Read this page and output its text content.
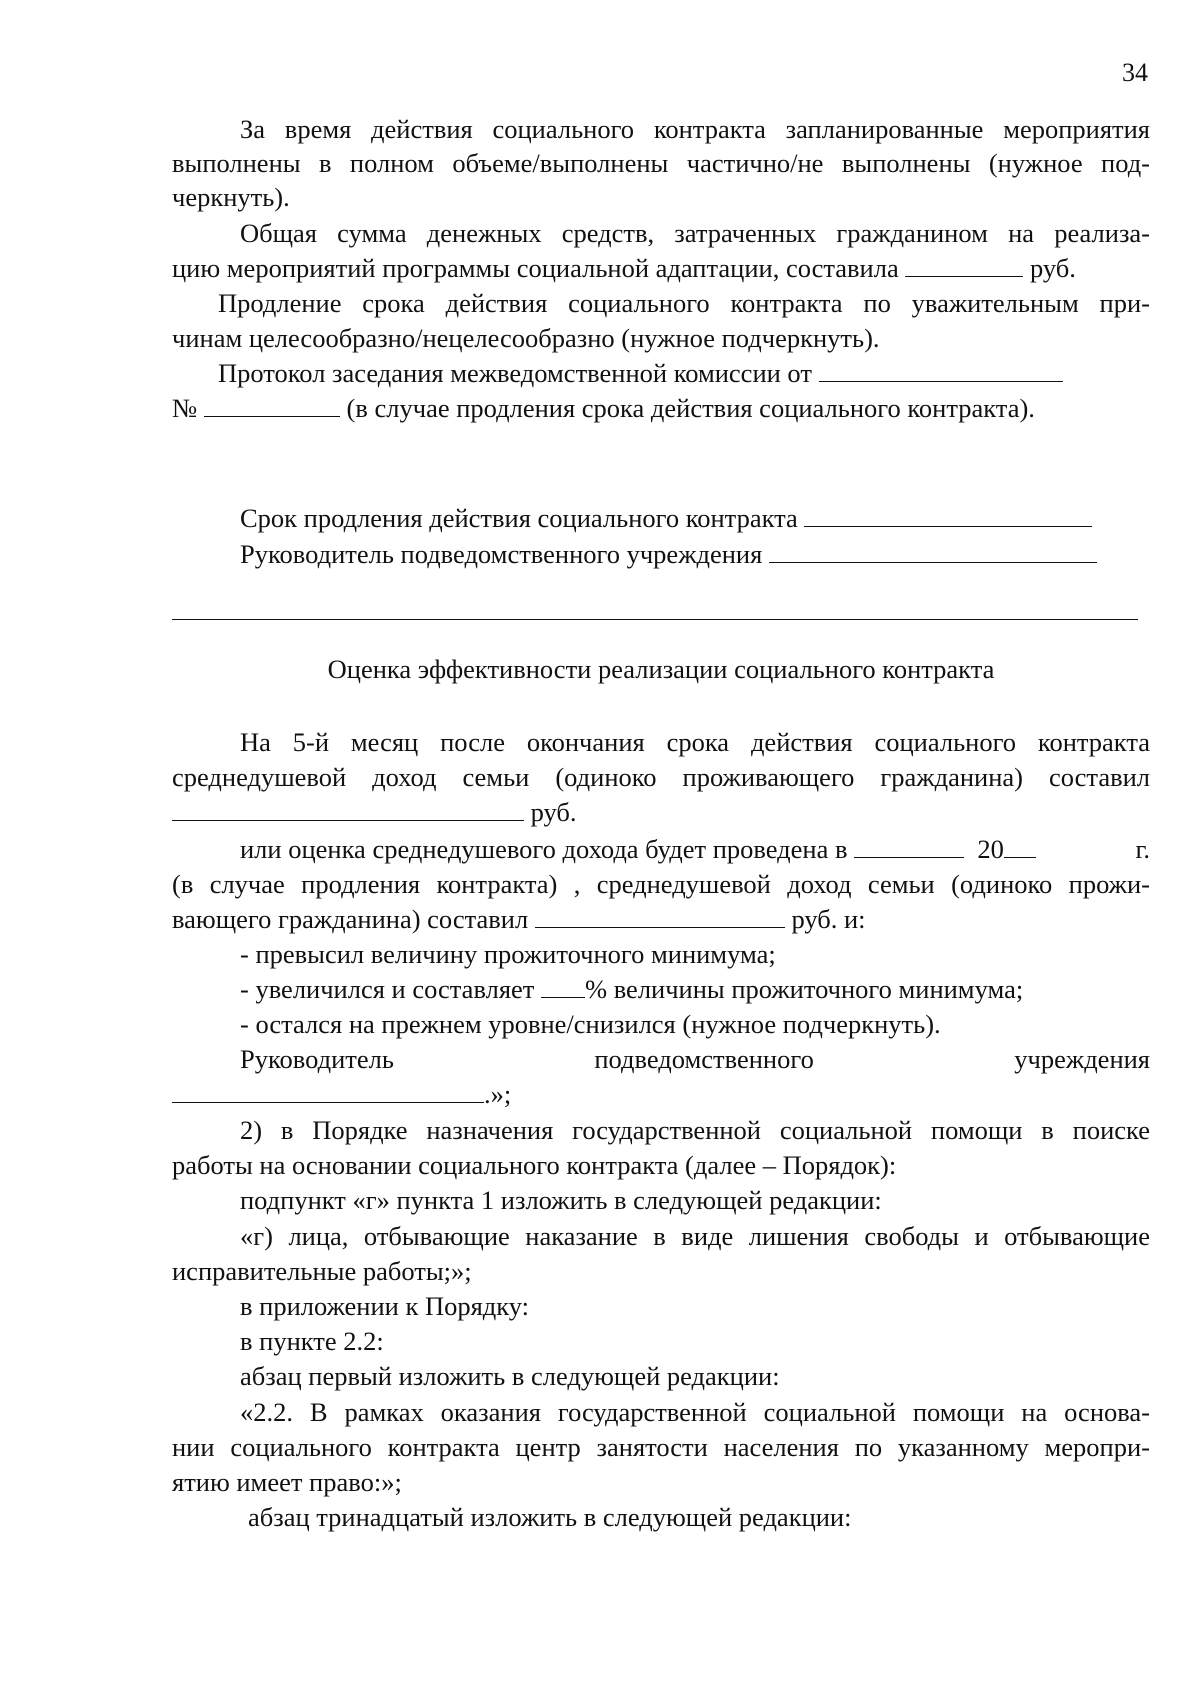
34
За время действия социального контракта запланированные мероприятия
выполнены в полном объеме/выполнены частично/не выполнены (нужное под-
черкнуть).
Общая сумма денежных средств, затраченных гражданином на реализа-
цию мероприятий программы социальной адаптации, составила	руб.
Продление срока действия социального контракта по уважительным при-
чинам целесообразно/нецелесообразно (нужное подчеркнуть).
Протокол заседания межведомственной комиссии от
№	(в случае продления срока действия социального контракта).
Срок продления действия социального контракта
Руководитель подведомственного учреждения
Оценка эффективности реализации социального контракта
На 5-й месяц после окончания срока действия социального контракта
среднедушевой доход семьи (одиноко проживающего гражданина) составил
руб.
или оценка среднедушевого дохода будет проведена в	20	г.
(в случае продления контракта) , среднедушевой доход семьи (одиноко прожи-
вающего гражданина) составил	руб. и:
- превысил величину прожиточного минимума;
- увеличился и составляет % величины прожиточного минимума;
- остался на прежнем уровне/снизился (нужное подчеркнуть).
Руководитель	подведомственного	учреждения
.»;
2) в Порядке назначения государственной социальной помощи в поиске
работы на основании социального контракта (далее – Порядок):
подпункт «г» пункта 1 изложить в следующей редакции:
«г) лица, отбывающие наказание в виде лишения свободы и отбывающие
исправительные работы;»;
в приложении к Порядку:
в пункте 2.2:
абзац первый изложить в следующей редакции:
«2.2. В рамках оказания государственной социальной помощи на основа-
нии социального контракта центр занятости населения по указанному меропри-
ятию имеет право:»;
абзац тринадцатый изложить в следующей редакции:
